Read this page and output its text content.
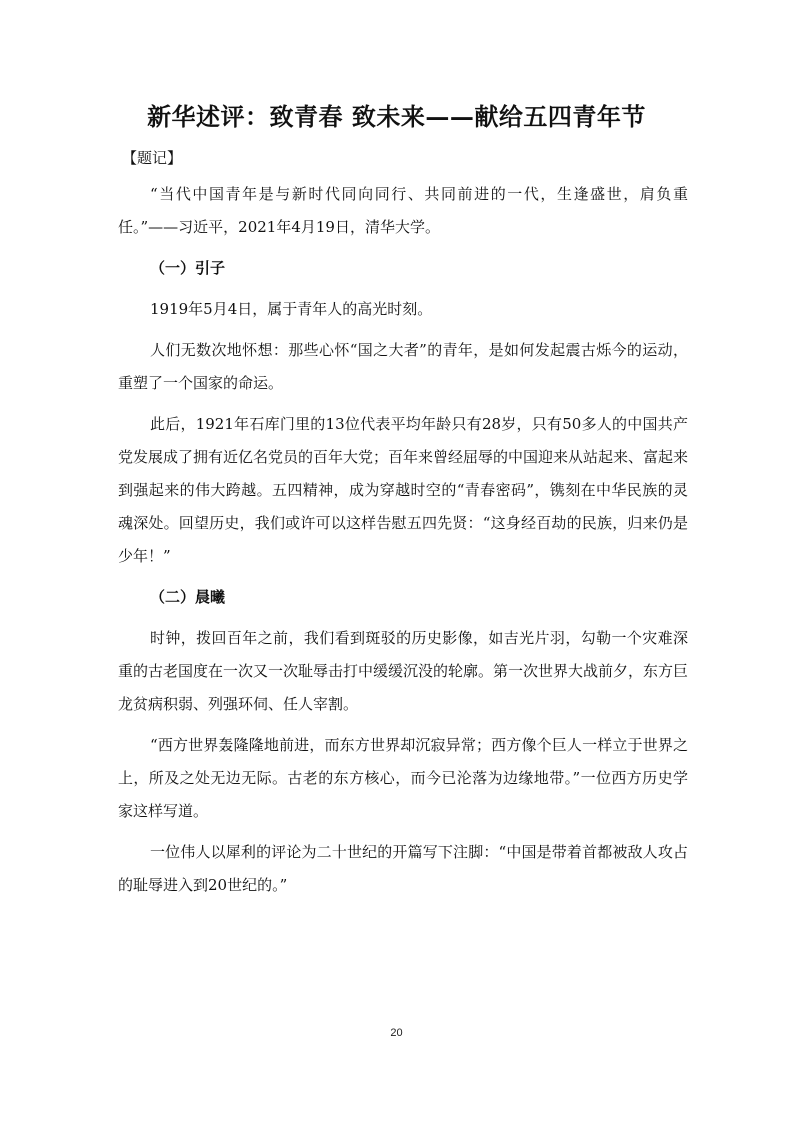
新华述评：致青春 致未来——献给五四青年节
【题记】

“当代中国青年是与新时代同向同行、共同前进的一代，生逢盛世，肩负重任。”——习近平，2021年4月19日，清华大学。

（一）引子

1919年5月4日，属于青年人的高光时刻。

人们无数次地怀想：那些心怀“国之大者”的青年，是如何发起震古烁今的运动，重塑了一个国家的命运。

此后，1921年石库门里的13位代表平均年龄只有28岁，只有50多人的中国共产党发展成了拥有近亿名党员的百年大党；百年来曾经屈辱的中国迎来从站起来、富起来到强起来的伟大跨越。五四精神，成为穿越时空的“青春密码”，镌刻在中华民族的灵魂深处。回望历史，我们或许可以这样告慰五四先贤：“这身经百劫的民族，归来仍是少年！”

（二）晨曦

时钟，拨回百年之前，我们看到斑驳的历史影像，如吉光片羽，勾勒一个灾难深重的古老国度在一次又一次耻辱击打中缓缓沉没的轮廓。第一次世界大战前夕，东方巨龙贫病积弱、列强环伺、任人宰割。

“西方世界轰隆隆地前进，而东方世界却沉寂异常；西方像个巨人一样立于世界之上，所及之处无边无际。古老的东方核心，而今已沦落为边缘地带。”一位西方历史学家这样写道。

一位伟人以犀利的评论为二十世纪的开篇写下注脚：“中国是带着首都被敌人攻占的耻辱进入到20世纪的。”

20
